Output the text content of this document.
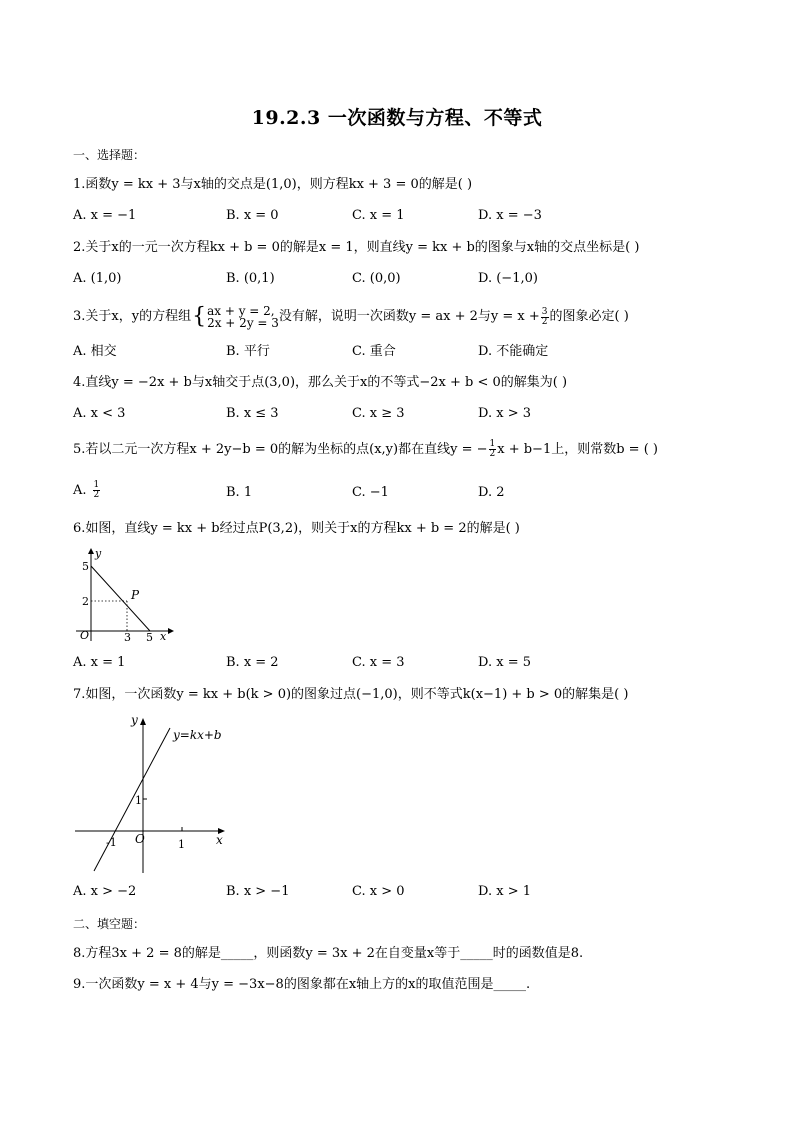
19.2.3 一次函数与方程、不等式
一、选择题：
1.函数y = kx + 3与x轴的交点是(1,0)，则方程kx + 3 = 0的解是( )
A. x = −1	B. x = 0	C. x = 1	D. x = −3
2.关于x的一元一次方程kx + b = 0的解是x = 1，则直线y = kx + b的图象与x轴的交点坐标是( )
A. (1,0)	B. (0,1)	C. (0,0)	D. (−1,0)
3.关于x，y的方程组 { ax + y = 2,
2x + 2y = 3 没有解，说明一次函数y = ax + 2与$y = x + \frac{3}{2}$ 的图象必定( )
A. 相交	B. 平行	C. 重合	D. 不能确定
4.直线y = −2x + b与x轴交于点(3,0)，那么关于x的不等式−2x + b < 0的解集为( )
A. x < 3	B. x ≤ 3	C. x ≥ 3	D. x > 3
5.若以二元一次方程x + 2y−b = 0的解为坐标的点(x,y)都在直线y = − $\frac{1}{2}$ x + b−1上，则常数b = ( )
A. $\frac{1}{2}$	B. 1	C. −1	D. 2
6.如图，直线y = kx + b经过点P(3,2)，则关于x的方程kx + b = 2的解是( )
y
x
O
5
2
3 5
P
A. x = 1	B. x = 2	C. x = 3	D. x = 5
7.如图，一次函数y = kx + b(k > 0)的图象过点(−1,0)，则不等式k(x−1) + b > 0的解集是( )
y
x
O
y=kx+b
1
1
-1
A. x > −2	B. x > −1	C. x > 0	D. x > 1
二、填空题：
8.方程3x + 2 = 8的解是_____，则函数y = 3x + 2在自变量x等于_____时的函数值是8.
9.一次函数y = x + 4与y = −3x−8的图象都在x轴上方的x的取值范围是_____.
